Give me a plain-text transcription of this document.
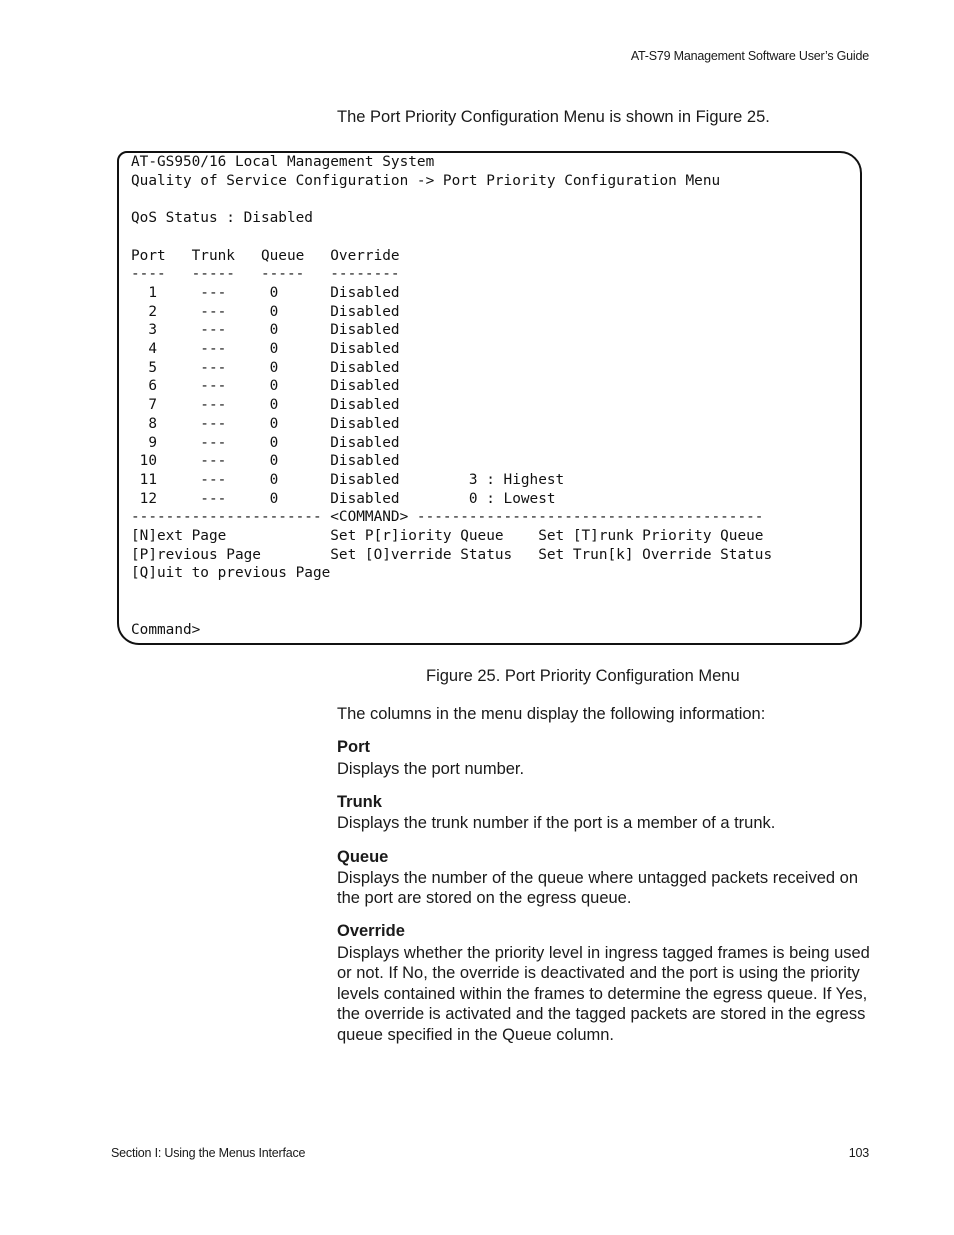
AT-S79 Management Software User’s Guide
The Port Priority Configuration Menu is shown in Figure 25.
AT-GS950/16 Local Management System
Quality of Service Configuration -> Port Priority Configuration Menu
QoS Status : Disabled
Port   Trunk   Queue   Override
----   -----   -----   --------
1     ---     0      Disabled
2     ---     0      Disabled
3     ---     0      Disabled
4     ---     0      Disabled
5     ---     0      Disabled
6     ---     0      Disabled
7     ---     0      Disabled
8     ---     0      Disabled
9     ---     0      Disabled
10     ---     0      Disabled
11     ---     0      Disabled        3 : Highest
12     ---     0      Disabled        0 : Lowest
---------------------- <COMMAND> ----------------------------------------
[N]ext Page            Set P[r]iority Queue    Set [T]runk Priority Queue
[P]revious Page        Set [O]verride Status   Set Trun[k] Override Status
[Q]uit to previous Page
Command>
Figure 25. Port Priority Configuration Menu
The columns in the menu display the following information:
Port
Displays the port number.
Trunk
Displays the trunk number if the port is a member of a trunk.
Queue
Displays the number of the queue where untagged packets received on the port are stored on the egress queue.
Override
Displays whether the priority level in ingress tagged frames is being used or not. If No, the override is deactivated and the port is using the priority levels contained within the frames to determine the egress queue. If Yes, the override is activated and the tagged packets are stored in the egress queue specified in the Queue column.
Section I: Using the Menus Interface	103
